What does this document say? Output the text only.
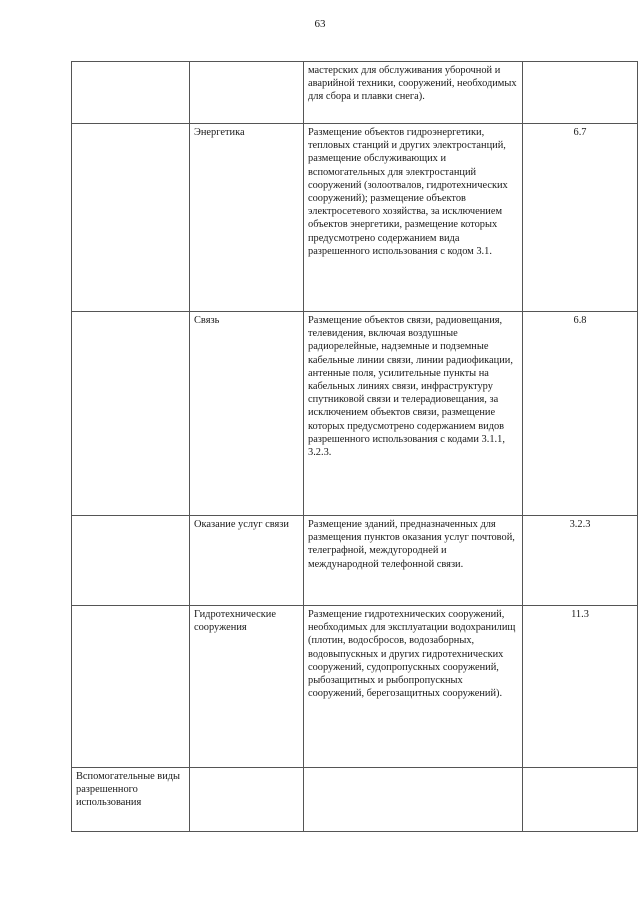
63
		мастерских для обслуживания уборочной и аварийной техники, сооружений, необходимых для сбора и плавки снега).	
	Энергетика	Размещение объектов гидроэнергетики, тепловых станций и других электростанций, размещение обслуживающих и вспомогательных для электростанций сооружений (золоотвалов, гидротехнических сооружений); размещение объектов электросетевого хозяйства, за исключением объектов энергетики, размещение которых предусмотрено содержанием вида разрешенного использования с кодом 3.1.	6.7
	Связь	Размещение объектов связи, радиовещания, телевидения, включая воздушные радиорелейные, надземные и подземные кабельные линии связи, линии радиофикации, антенные поля, усилительные пункты на кабельных линиях связи, инфраструктуру спутниковой связи и телерадиовещания, за исключением объектов связи, размещение которых предусмотрено содержанием видов разрешенного использования с кодами 3.1.1, 3.2.3.	6.8
	Оказание услуг связи	Размещение зданий, предназначенных для размещения пунктов оказания услуг почтовой, телеграфной, междугородней и международной телефонной связи.	3.2.3
	Гидротехнические сооружения	Размещение гидротехнических сооружений, необходимых для эксплуатации водохранилищ (плотин, водосбросов, водозаборных, водовыпускных и других гидротехнических сооружений, судопропускных сооружений, рыбозащитных и рыбопропускных сооружений, берегозащитных сооружений).	11.3
Вспомогательные виды разрешенного использования			
